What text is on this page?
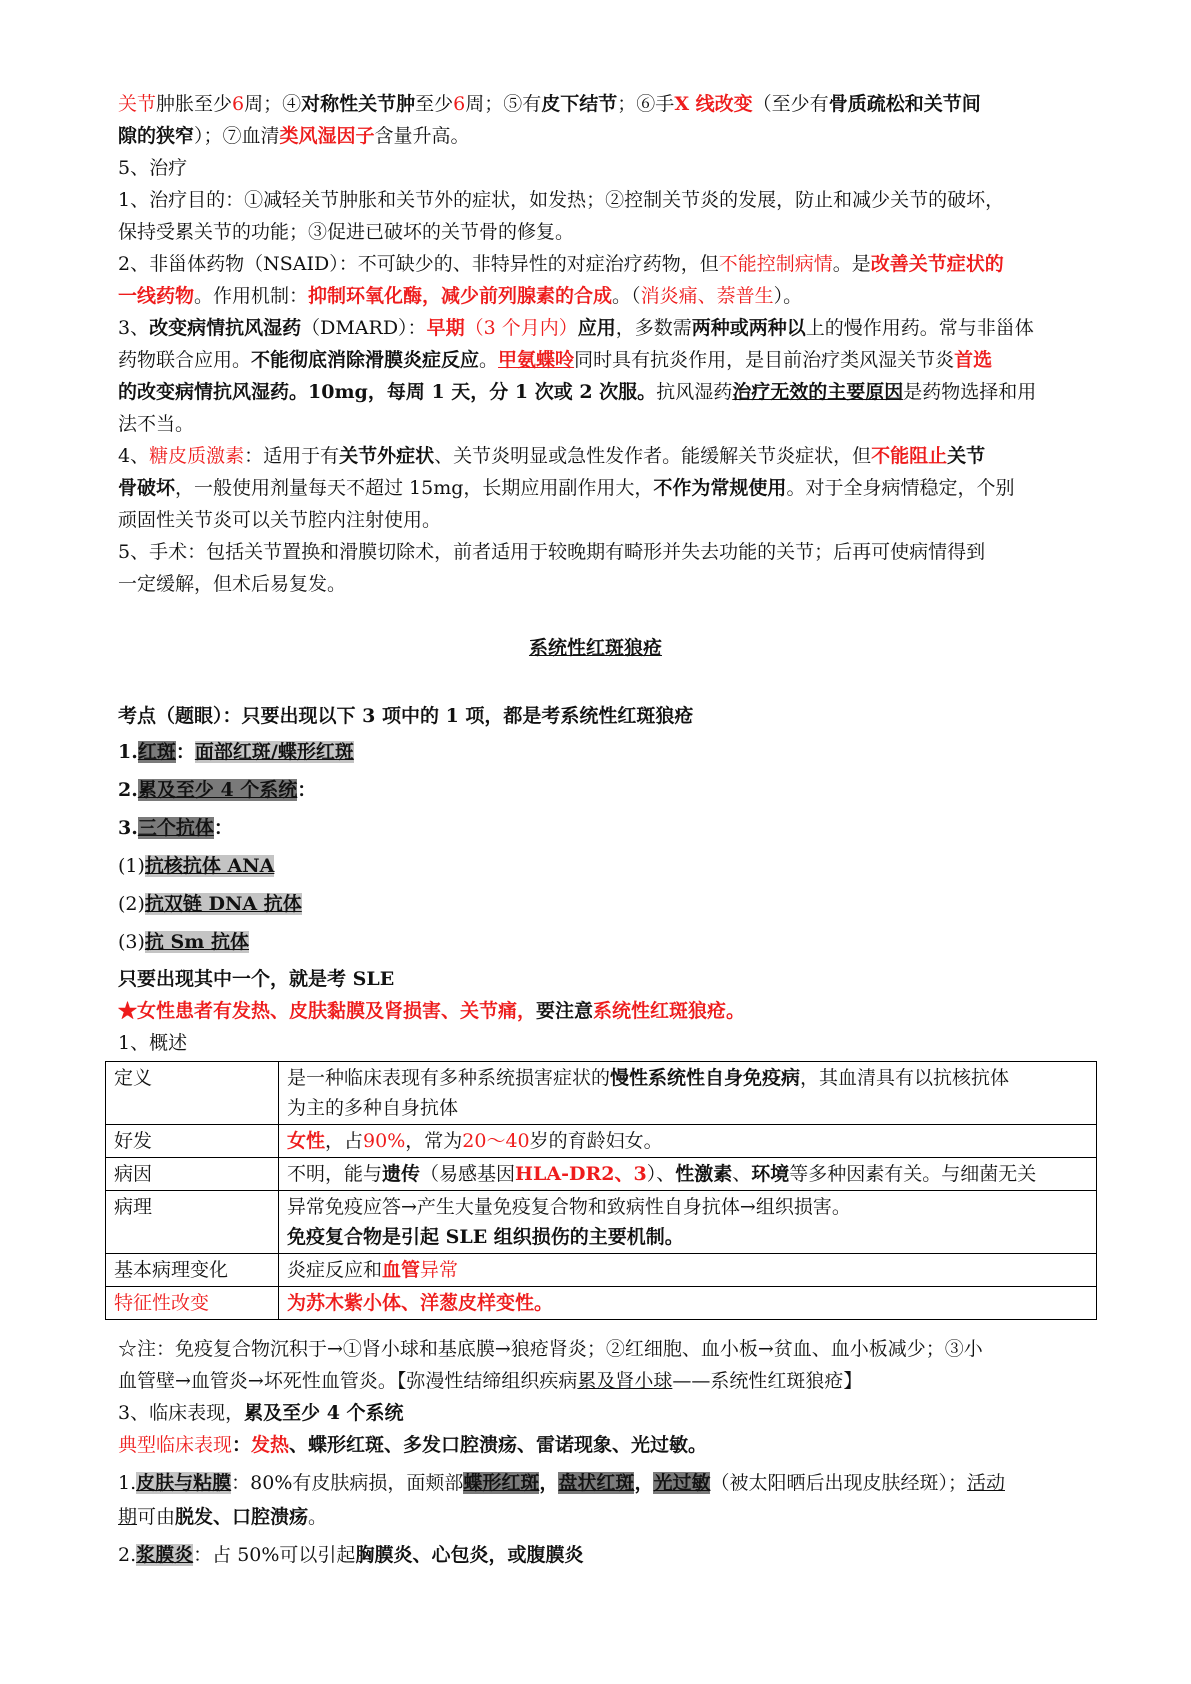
关节肿胀至少6周；④对称性关节肿至少6周；⑤有皮下结节；⑥手X 线改变（至少有骨质疏松和关节间
隙的狭窄）；⑦血清类风湿因子含量升高。
5、治疗
1、治疗目的：①减轻关节肿胀和关节外的症状，如发热；②控制关节炎的发展，防止和减少关节的破坏，
保持受累关节的功能；③促进已破坏的关节骨的修复。
2、非甾体药物（NSAID）：不可缺少的、非特异性的对症治疗药物，但不能控制病情。是改善关节症状的
一线药物。作用机制：抑制环氧化酶，减少前列腺素的合成。（消炎痛、萘普生）。
3、改变病情抗风湿药（DMARD）：早期（3 个月内）应用，多数需两种或两种以上的慢作用药。常与非甾体
药物联合应用。不能彻底消除滑膜炎症反应。甲氨蝶呤同时具有抗炎作用，是目前治疗类风湿关节炎首选
的改变病情抗风湿药。10mg，每周 1 天，分 1 次或 2 次服。抗风湿药治疗无效的主要原因是药物选择和用
法不当。
4、糖皮质激素：适用于有关节外症状、关节炎明显或急性发作者。能缓解关节炎症状，但不能阻止关节
骨破坏，一般使用剂量每天不超过 15mg，长期应用副作用大，不作为常规使用。对于全身病情稳定，个别
顽固性关节炎可以关节腔内注射使用。
5、手术：包括关节置换和滑膜切除术，前者适用于较晚期有畸形并失去功能的关节；后再可使病情得到
一定缓解，但术后易复发。
系统性红斑狼疮
考点（题眼）：只要出现以下 3 项中的 1 项，都是考系统性红斑狼疮
1.红斑：面部红斑/蝶形红斑
2.累及至少 4 个系统：
3.三个抗体：
(1)抗核抗体 ANA
(2)抗双链 DNA 抗体
(3)抗 Sm 抗体
只要出现其中一个，就是考 SLE
★女性患者有发热、皮肤黏膜及肾损害、关节痛，要注意系统性红斑狼疮。
1、概述
定义	是一种临床表现有多种系统损害症状的慢性系统性自身免疫病，其血清具有以抗核抗体
为主的多种自身抗体
好发	女性，占90%，常为20～40岁的育龄妇女。
病因	不明，能与遗传（易感基因HLA-DR2、3）、性激素、环境等多种因素有关。与细菌无关
病理	异常免疫应答→产生大量免疫复合物和致病性自身抗体→组织损害。
免疫复合物是引起 SLE 组织损伤的主要机制。
基本病理变化	炎症反应和血管异常
特征性改变	为苏木紫小体、洋葱皮样变性。
☆注：免疫复合物沉积于→①肾小球和基底膜→狼疮肾炎；②红细胞、血小板→贫血、血小板减少；③小
血管壁→血管炎→坏死性血管炎。【弥漫性结缔组织疾病累及肾小球——系统性红斑狼疮】
3、临床表现，累及至少 4 个系统
典型临床表现：发热、蝶形红斑、多发口腔溃疡、雷诺现象、光过敏。
1.皮肤与粘膜：80%有皮肤病损，面颊部蝶形红斑，盘状红斑，光过敏（被太阳晒后出现皮肤经斑）；活动
期可由脱发、口腔溃疡。
2.浆膜炎：占 50%可以引起胸膜炎、心包炎，或腹膜炎
